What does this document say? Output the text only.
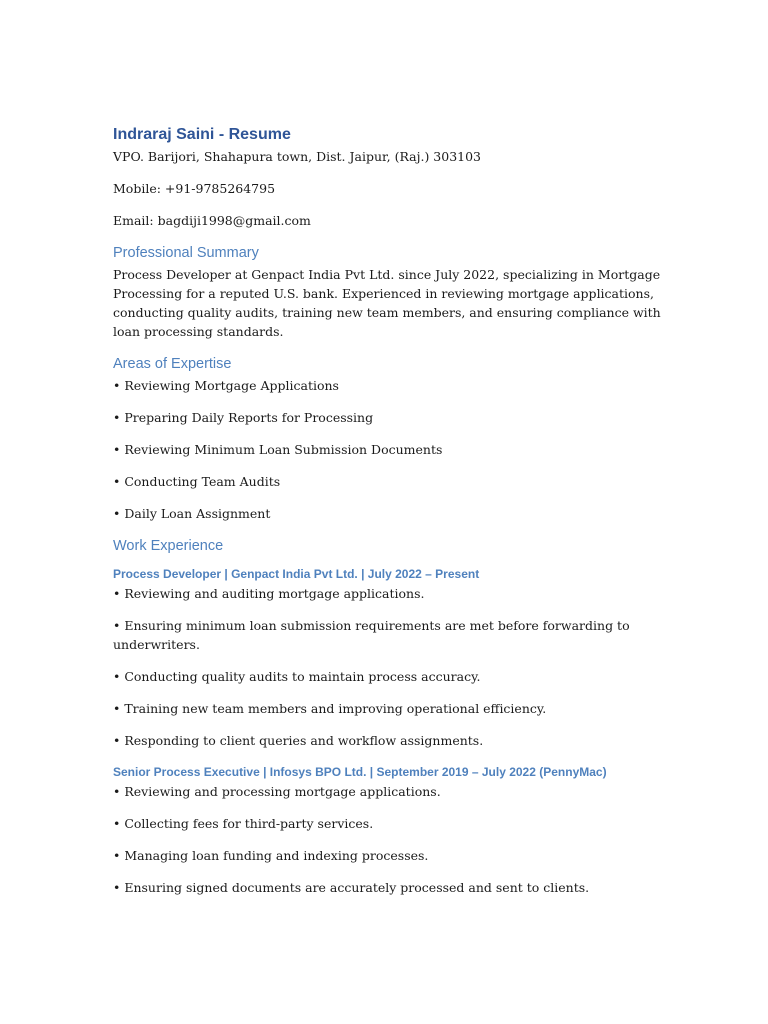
Indraraj Saini - Resume

VPO. Barijori, Shahapura town, Dist. Jaipur, (Raj.) 303103

Mobile: +91-9785264795

Email: bagdiji1998@gmail.com

Professional Summary

Process Developer at Genpact India Pvt Ltd. since July 2022, specializing in Mortgage Processing for a reputed U.S. bank. Experienced in reviewing mortgage applications, conducting quality audits, training new team members, and ensuring compliance with loan processing standards.

Areas of Expertise

• Reviewing Mortgage Applications

• Preparing Daily Reports for Processing

• Reviewing Minimum Loan Submission Documents

• Conducting Team Audits

• Daily Loan Assignment

Work Experience
Process Developer | Genpact India Pvt Ltd. | July 2022 – Present

• Reviewing and auditing mortgage applications.

• Ensuring minimum loan submission requirements are met before forwarding to underwriters.

• Conducting quality audits to maintain process accuracy.

• Training new team members and improving operational efficiency.

• Responding to client queries and workflow assignments.

Senior Process Executive | Infosys BPO Ltd. | September 2019 – July 2022 (PennyMac)

• Reviewing and processing mortgage applications.

• Collecting fees for third-party services.

• Managing loan funding and indexing processes.

• Ensuring signed documents are accurately processed and sent to clients.
